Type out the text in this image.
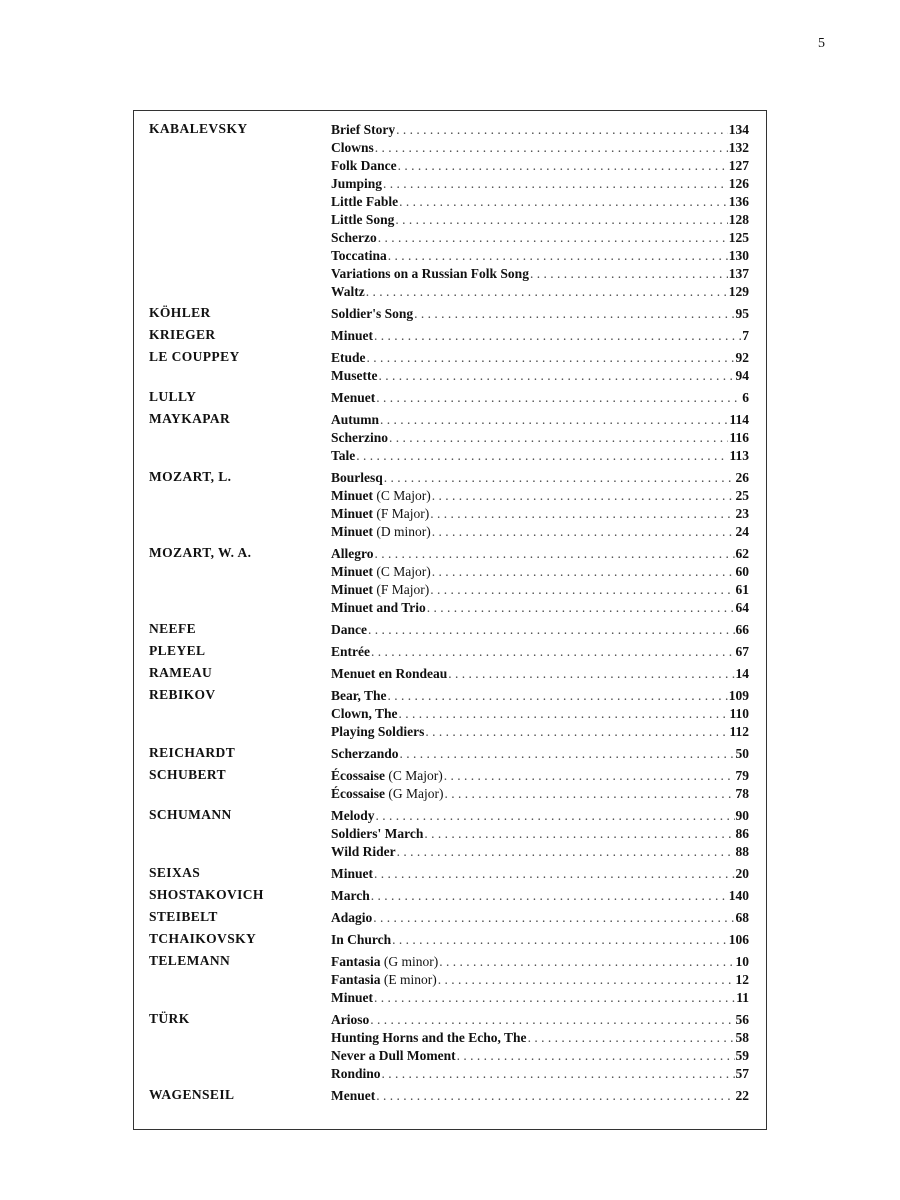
5
KABALEVSKY	Brief Story . . .	134
Clowns . . .	132
Folk Dance . . .	127
Jumping . . .	126
Little Fable . . .	136
Little Song . . .	128
Scherzo . . .	125
Toccatina . . .	130
Variations on a Russian Folk Song . . .	137
Waltz . . .	129
KÖHLER	Soldier's Song . . .	95
KRIEGER	Minuet . . .	7
LE COUPPEY	Etude . . .	92
Musette . . .	94
LULLY	Menuet . . .	6
MAYKAPAR	Autumn . . .	114
Scherzino . . .	116
Tale . . .	113
MOZART, L.	Bourlesq . . .	26
Minuet (C Major) . . .	25
Minuet (F Major) . . .	23
Minuet (D minor) . . .	24
MOZART, W. A.	Allegro . . .	62
Minuet (C Major) . . .	60
Minuet (F Major) . . .	61
Minuet and Trio . . .	64
NEEFE	Dance . . .	66
PLEYEL	Entrée . . .	67
RAMEAU	Menuet en Rondeau . . .	14
REBIKOV	Bear, The . . .	109
Clown, The . . .	110
Playing Soldiers . . .	112
REICHARDT	Scherzando . . .	50
SCHUBERT	Écossaise (C Major) . . .	79
Écossaise (G Major) . . .	78
SCHUMANN	Melody . . .	90
Soldiers' March . . .	86
Wild Rider . . .	88
SEIXAS	Minuet . . .	20
SHOSTAKOVICH	March . . .	140
STEIBELT	Adagio . . .	68
TCHAIKOVSKY	In Church . . .	106
TELEMANN	Fantasia (G minor) . . .	10
Fantasia (E minor) . . .	12
Minuet . . .	11
TÜRK	Arioso . . .	56
Hunting Horns and the Echo, The . . .	58
Never a Dull Moment . . .	59
Rondino . . .	57
WAGENSEIL	Menuet . . .	22
